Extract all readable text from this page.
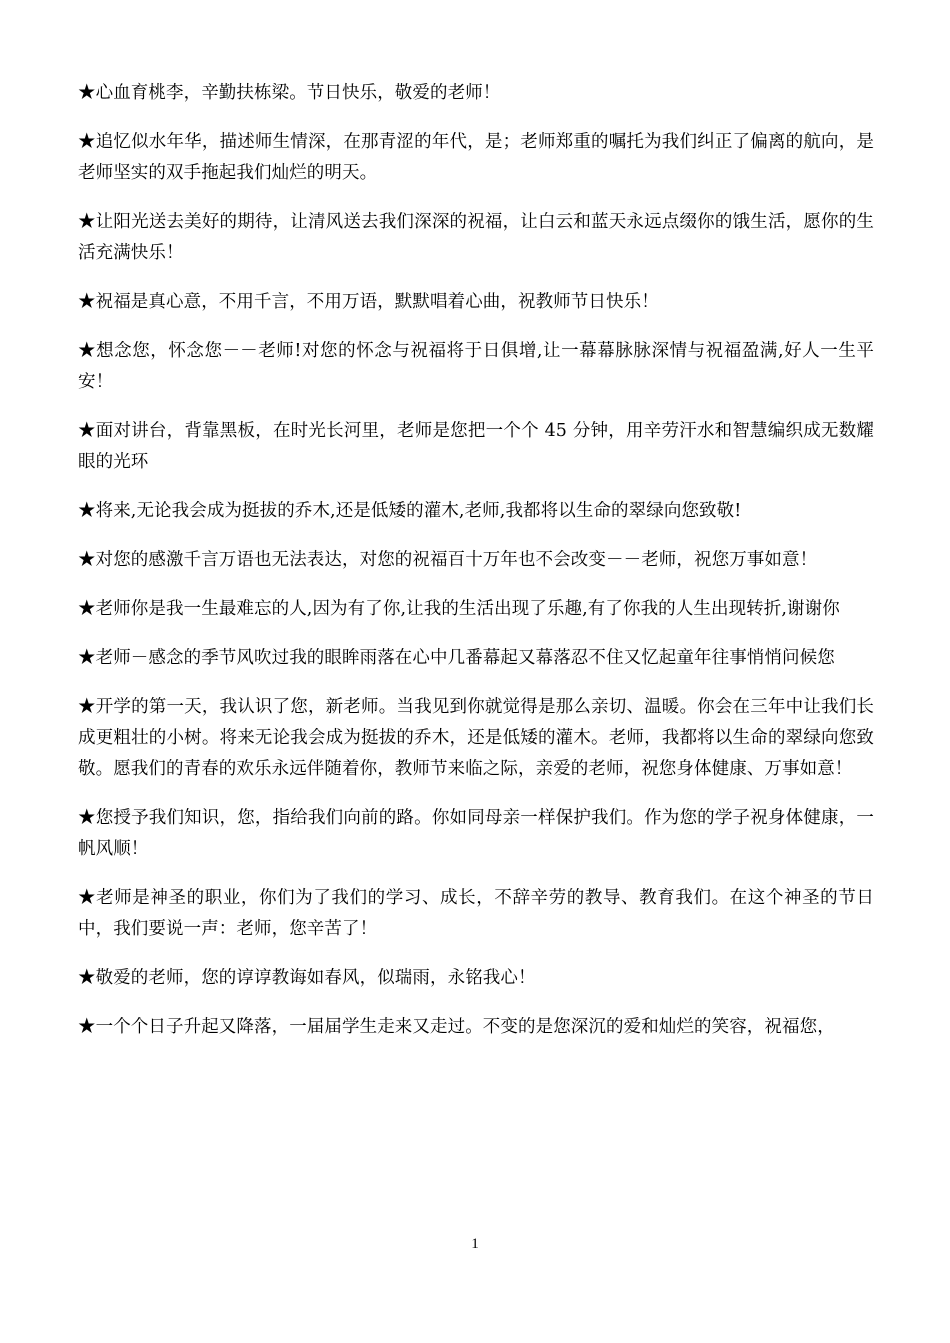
★心血育桃李，辛勤扶栋梁。节日快乐，敬爱的老师！

★追忆似水年华，描述师生情深，在那青涩的年代，是；老师郑重的嘱托为我们纠正了偏离的航向，是老师坚实的双手拖起我们灿烂的明天。

★让阳光送去美好的期待，让清风送去我们深深的祝福，让白云和蓝天永远点缀你的饿生活，愿你的生活充满快乐！

★祝福是真心意，不用千言，不用万语，默默唱着心曲，祝教师节日快乐！

★想念您，怀念您－－老师!对您的怀念与祝福将于日俱增,让一幕幕脉脉深情与祝福盈满,好人一生平安！

★面对讲台，背靠黑板，在时光长河里，老师是您把一个个 45 分钟，用辛劳汗水和智慧编织成无数耀眼的光环

★将来,无论我会成为挺拔的乔木,还是低矮的灌木,老师,我都将以生命的翠绿向您致敬!

★对您的感激千言万语也无法表达，对您的祝福百十万年也不会改变－－老师，祝您万事如意！

★老师你是我一生最难忘的人,因为有了你,让我的生活出现了乐趣,有了你我的人生出现转折,谢谢你

★老师－感念的季节风吹过我的眼眸雨落在心中几番幕起又幕落忍不住又忆起童年往事悄悄问候您

★开学的第一天，我认识了您，新老师。当我见到你就觉得是那么亲切、温暖。你会在三年中让我们长成更粗壮的小树。将来无论我会成为挺拔的乔木，还是低矮的灌木。老师，我都将以生命的翠绿向您致敬。愿我们的青春的欢乐永远伴随着你，教师节来临之际，亲爱的老师，祝您身体健康、万事如意！

★您授予我们知识，您，指给我们向前的路。你如同母亲一样保护我们。作为您的学子祝身体健康，一帆风顺！

★老师是神圣的职业，你们为了我们的学习、成长，不辞辛劳的教导、教育我们。在这个神圣的节日中，我们要说一声：老师，您辛苦了！

★敬爱的老师，您的谆谆教诲如春风，似瑞雨，永铭我心！

★一个个日子升起又降落，一届届学生走来又走过。不变的是您深沉的爱和灿烂的笑容，祝福您，

1
